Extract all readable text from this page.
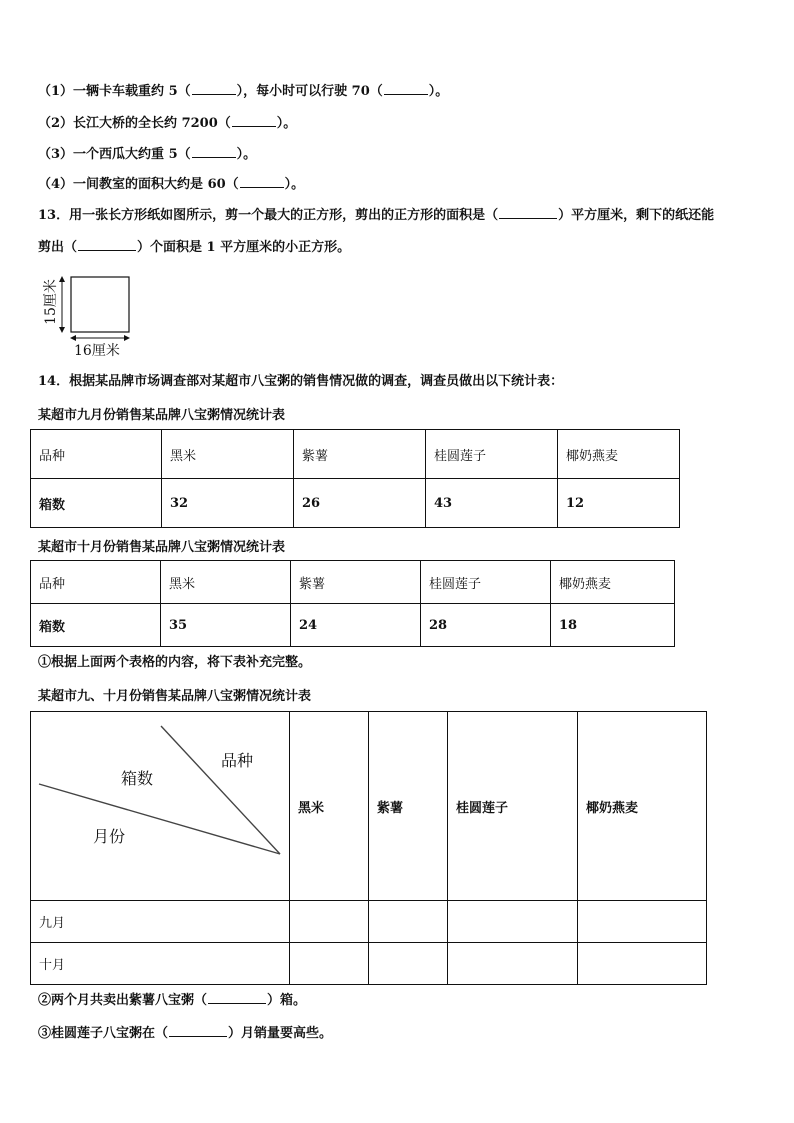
（1）一辆卡车载重约 5（	），每小时可以行驶 70（	）。
（2）长江大桥的全长约 7200（	）。
（3）一个西瓜大约重 5（	）。
（4）一间教室的面积大约是 60（	）。
13．用一张长方形纸如图所示，剪一个最大的正方形，剪出的正方形的面积是（	）平方厘米，剩下的纸还能
剪出（	）个面积是 1 平方厘米的小正方形。
15厘米
16厘米
14．根据某品牌市场调查部对某超市八宝粥的销售情况做的调查，调查员做出以下统计表：
某超市九月份销售某品牌八宝粥情况统计表
品种	黑米	紫薯	桂圆莲子	椰奶燕麦
箱数	32	26	43	12
某超市十月份销售某品牌八宝粥情况统计表
品种	黑米	紫薯	桂圆莲子	椰奶燕麦
箱数	35	24	28	18
①根据上面两个表格的内容，将下表补充完整。
某超市九、十月份销售某品牌八宝粥情况统计表
品种
箱数
月份	黑米	紫薯	桂圆莲子	椰奶燕麦
九月				
十月				
②两个月共卖出紫薯八宝粥（	）箱。
③桂圆莲子八宝粥在（	）月销量要高些。
